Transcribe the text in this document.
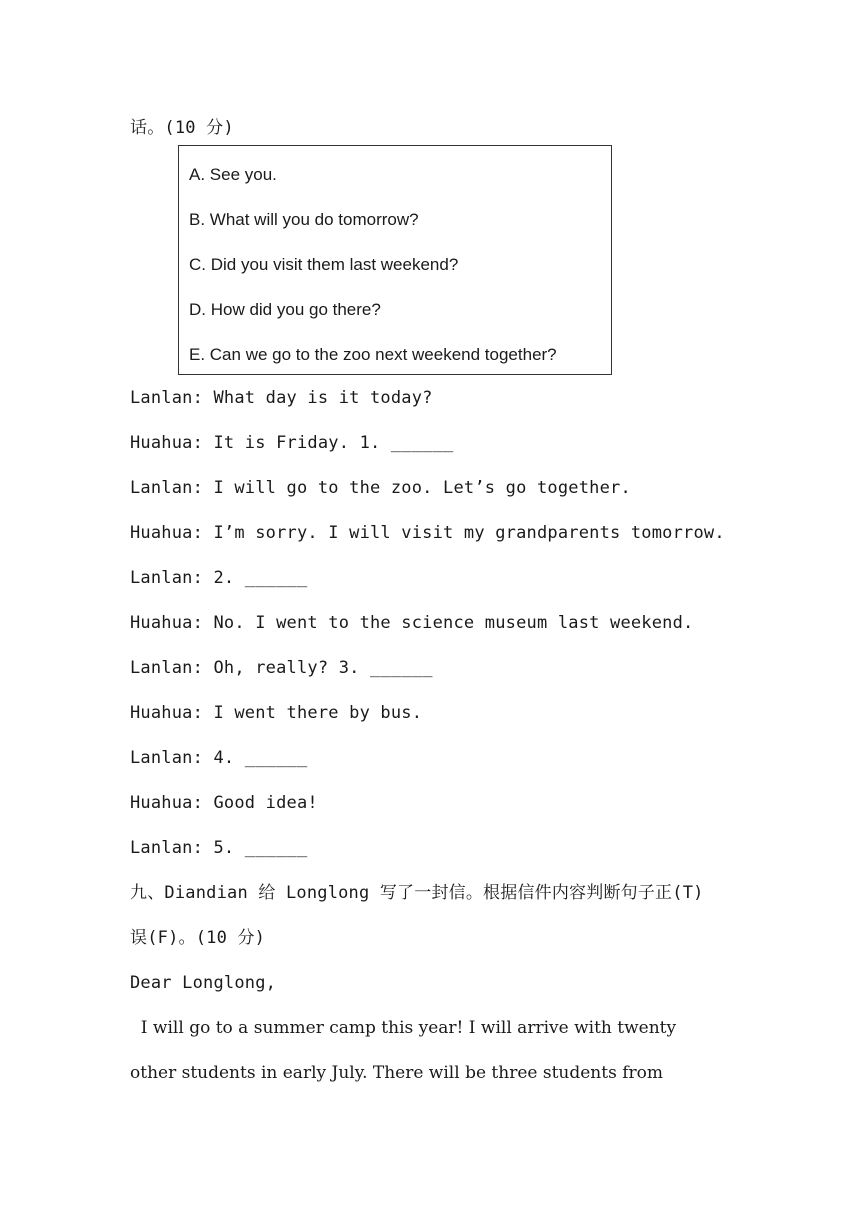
话。(10 分)
A. See you.
B. What will you do tomorrow?
C. Did you visit them last weekend?
D. How did you go there?
E. Can we go to the zoo next weekend together?
Lanlan: What day is it today?
Huahua: It is Friday. 1. ______
Lanlan: I will go to the zoo. Let’s go together.
Huahua: I’m sorry. I will visit my grandparents tomorrow.
Lanlan: 2. ______
Huahua: No. I went to the science museum last weekend.
Lanlan: Oh, really? 3. ______
Huahua: I went there by bus.
Lanlan: 4. ______
Huahua: Good idea!
Lanlan: 5. ______
九、Diandian 给 Longlong 写了一封信。根据信件内容判断句子正(T)
误(F)。(10 分)
Dear Longlong,
I will go to a summer camp this year! I will arrive with twenty
other students in early July. There will be three students from
